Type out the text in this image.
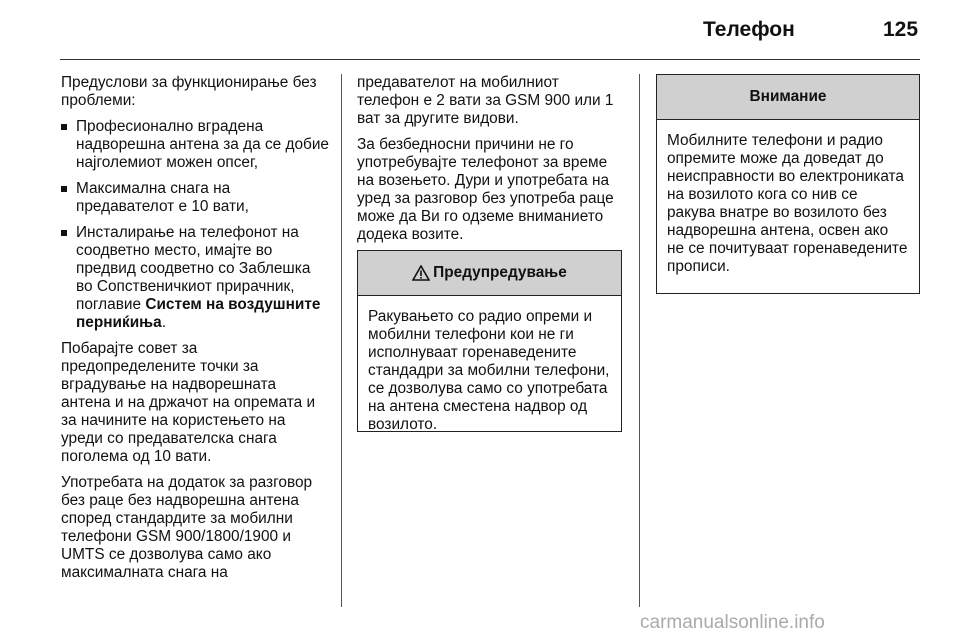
Телефон	125

Предуслови за функционирање без проблеми:

Професионално вградена надворешна антена за да се добие најголемиот можен опсег,
Максимална снага на предавателот е 10 вати,
Инсталирање на телефонот на соодветно место, имајте во предвид соодветно со Заблешка во Сопственичкиот прирачник, поглавие Систем на воздушните перниќиња.

Побарајте совет за предопределените точки за вградување на надворешната антена и на држачот на опремата и за начините на користењето на уреди со предавателска снага поголема од 10 вати.

Употребата на додаток за разговор без раце без надворешна антена според стандардите за мобилни телефони GSM 900/1800/1900 и UMTS се дозволува само ако максималната снага на

предавателот на мобилниот телефон е 2 вати за GSM 900 или 1 ват за другите видови.

За безбедносни причини не го употребувајте телефонот за време на возењето. Дури и употребата на уред за разговор без употреба раце може да Ви го одземе вниманието додека возите.

Предупредување
Ракувањето со радио опреми и мобилни телефони кои не ги исполнуваат горенаведените стандадри за мобилни телефони, се дозволува само со употребата на антена сместена надвор од возилото.
Внимание
Мобилните телефони и радио опремите може да доведат до неисправности во електрониката на возилото кога со нив се ракува внатре во возилото без надворешна антена, освен ако не се почитуваат горенаведените прописи.
carmanualsonline.info
